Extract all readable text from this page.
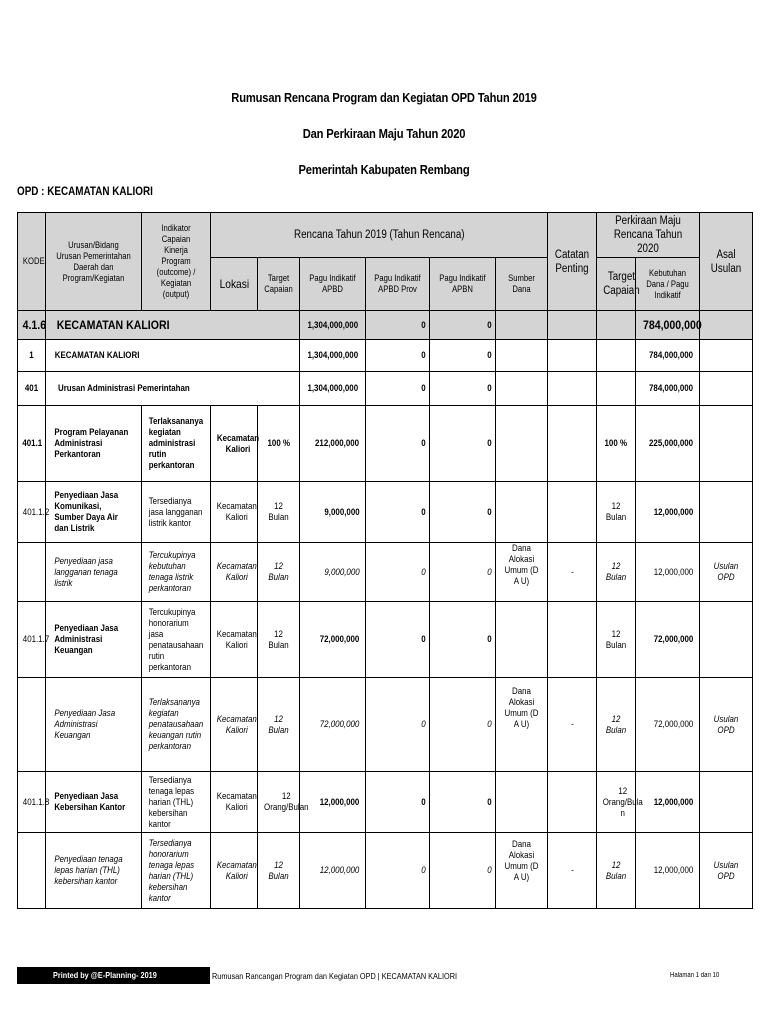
Rumusan Rencana Program dan Kegiatan OPD Tahun 2019
Dan Perkiraan Maju Tahun 2020
Pemerintah Kabupaten Rembang
OPD : KECAMATAN KALIORI
KODE	Urusan/Bidang Urusan Pemerintahan Daerah dan Program/Kegiatan	Indikator Capaian Kinerja Program (outcome) / Kegiatan (output)	Rencana Tahun 2019 (Tahun Rencana)						Catatan Penting	Perkiraan Maju Rencana Tahun 2020		Asal Usulan
			Lokasi	Target Capaian	Pagu Indikatif APBD	Pagu Indikatif APBD Prov	Pagu Indikatif APBN	Sumber Dana		Target Capaian	Kebutuhan Dana / Pagu Indikatif	
4.1.6	KECAMATAN KALIORI				1,304,000,000	0	0				784,000,000	
1	KECAMATAN KALIORI				1,304,000,000	0	0				784,000,000	
401	Urusan Administrasi Pemerintahan				1,304,000,000	0	0				784,000,000	
401.1	Program Pelayanan Administrasi Perkantoran	Terlaksananya kegiatan administrasi rutin perkantoran	Kecamatan Kaliori	100 %	212,000,000	0	0			100 %	225,000,000	
401.1.2	Penyediaan Jasa Komunikasi, Sumber Daya Air dan Listrik	Tersedianya jasa langganan listrik kantor	Kecamatan Kaliori	12 Bulan	9,000,000	0	0			12 Bulan	12,000,000	
	Penyediaan jasa langganan tenaga listrik	Tercukupinya kebutuhan tenaga listrik perkantoran	Kecamatan Kaliori	12 Bulan	9,000,000	0	0	Dana Alokasi Umum (D A U)	-	12 Bulan	12,000,000	Usulan OPD
401.1.7	Penyediaan Jasa Administrasi Keuangan	Tercukupinya honorarium jasa penatausahaan rutin perkantoran	Kecamatan Kaliori	12 Bulan	72,000,000	0	0			12 Bulan	72,000,000	
	Penyediaan Jasa Administrasi Keuangan	Terlaksananya kegiatan penatausahaan keuangan rutin perkantoran	Kecamatan Kaliori	12 Bulan	72,000,000	0	0	Dana Alokasi Umum (D A U)	-	12 Bulan	72,000,000	Usulan OPD
401.1.8	Penyediaan Jasa Kebersihan Kantor	Tersedianya tenaga lepas harian (THL) kebersihan kantor	Kecamatan Kaliori	12 Orang/Bulan	12,000,000	0	0			12 Orang/Bula n	12,000,000	
	Penyediaan tenaga lepas harian (THL) kebersihan kantor	Tersedianya honorarium tenaga lepas harian (THL) kebersihan kantor	Kecamatan Kaliori	12 Bulan	12,000,000	0	0	Dana Alokasi Umum (D A U)	-	12 Bulan	12,000,000	Usulan OPD
Printed by @E-Planning- 2019	Rumusan Rancangan Program dan Kegiatan OPD | KECAMATAN KALIORI	Halaman 1 dari 10
